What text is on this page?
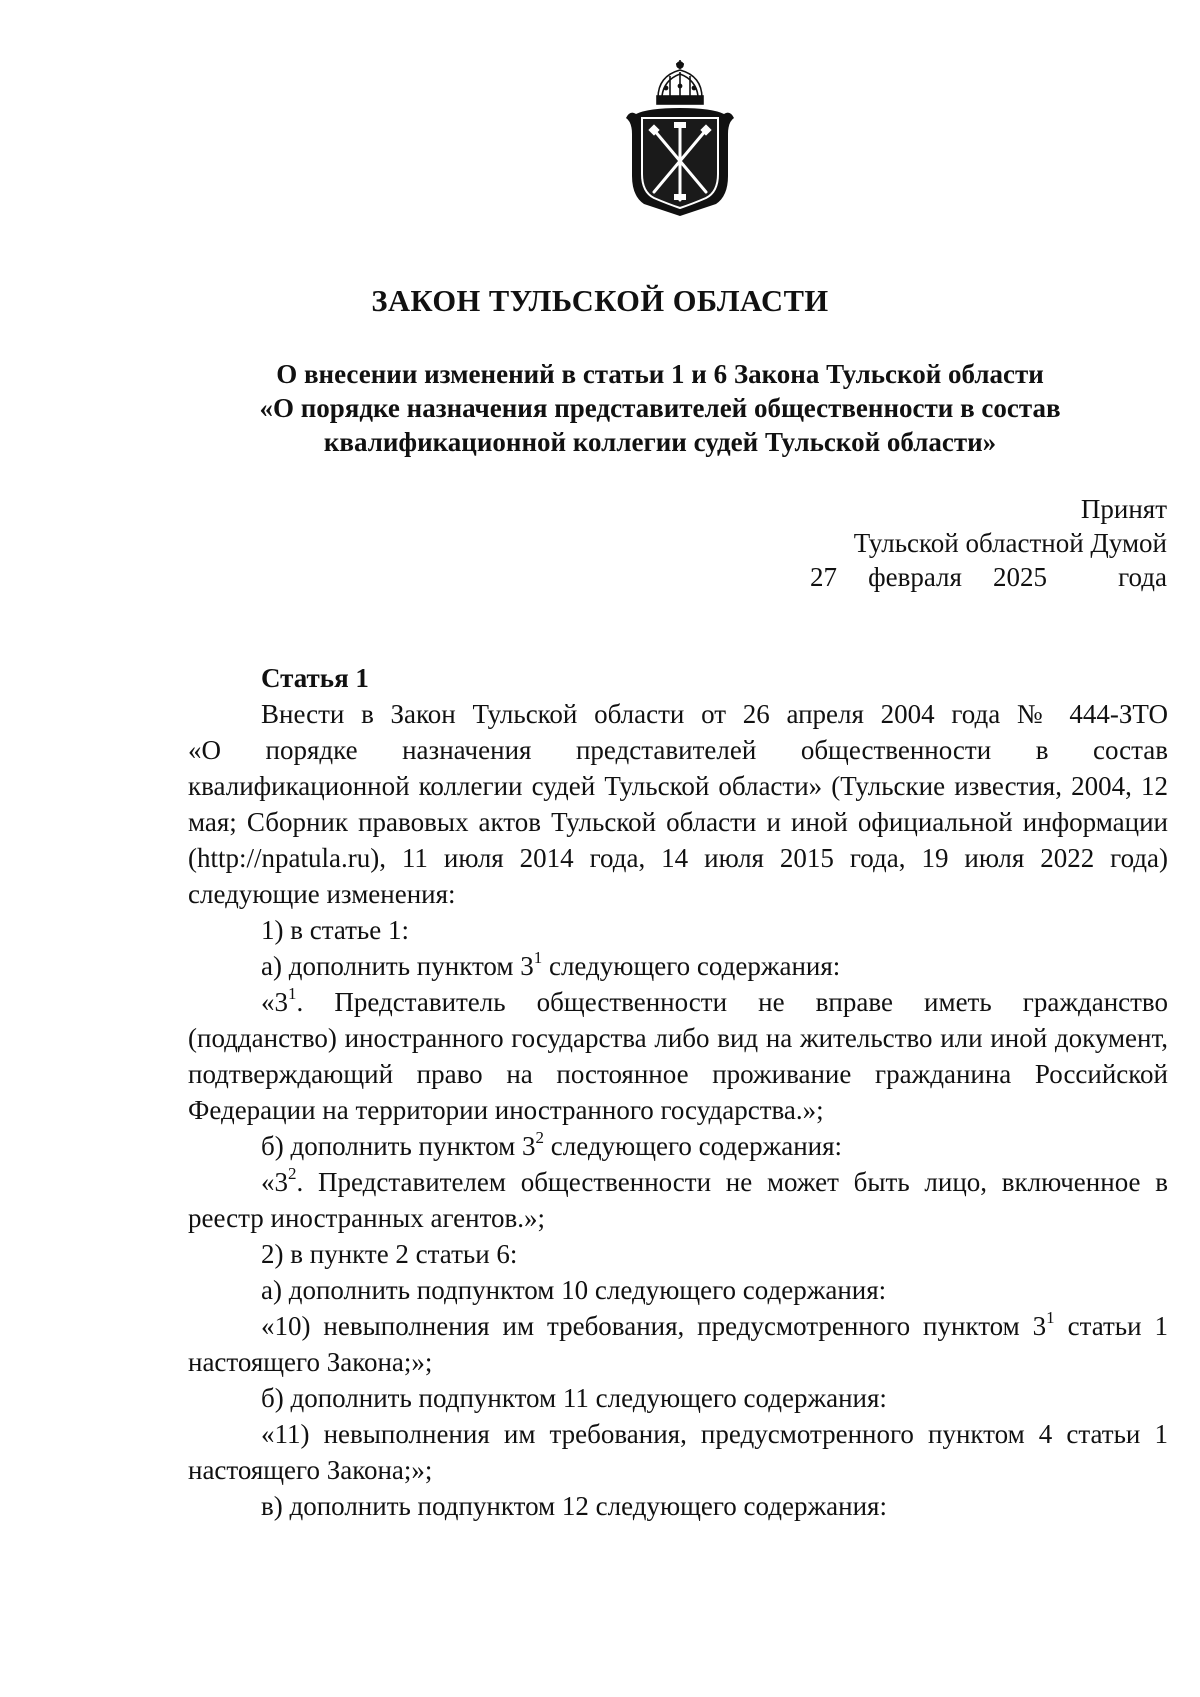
ЗАКОН ТУЛЬСКОЙ ОБЛАСТИ
О внесении изменений в статьи 1 и 6 Закона Тульской области
«О порядке назначения представителей общественности в состав
квалификационной коллегии судей Тульской области»
Принят
Тульской областной Думой
27 февраля 2025	года
Статья 1

Внести в Закон Тульской области от 26 апреля 2004 года № 444-ЗТО

«О порядке назначения представителей общественности в состав квалификационной коллегии судей Тульской области» (Тульские известия, 2004, 12 мая; Сборник правовых актов Тульской области и иной официальной информации (http://npatula.ru), 11 июля 2014 года, 14 июля 2015 года, 19 июля 2022 года) следующие изменения:

1) в статье 1:

а) дополнить пунктом $3^1$ следующего содержания:

«$3^1$. Представитель общественности не вправе иметь гражданство (подданство) иностранного государства либо вид на жительство или иной документ, подтверждающий право на постоянное проживание гражданина Российской Федерации на территории иностранного государства.»;

б) дополнить пунктом $3^2$ следующего содержания:

«$3^2$. Представителем общественности не может быть лицо, включенное в реестр иностранных агентов.»;

2) в пункте 2 статьи 6:

а) дополнить подпунктом 10 следующего содержания:

«10) невыполнения им требования, предусмотренного пунктом $3^1$ статьи 1 настоящего Закона;»;

б) дополнить подпунктом 11 следующего содержания:

«11) невыполнения им требования, предусмотренного пунктом 4 статьи 1 настоящего Закона;»;

в) дополнить подпунктом 12 следующего содержания:
